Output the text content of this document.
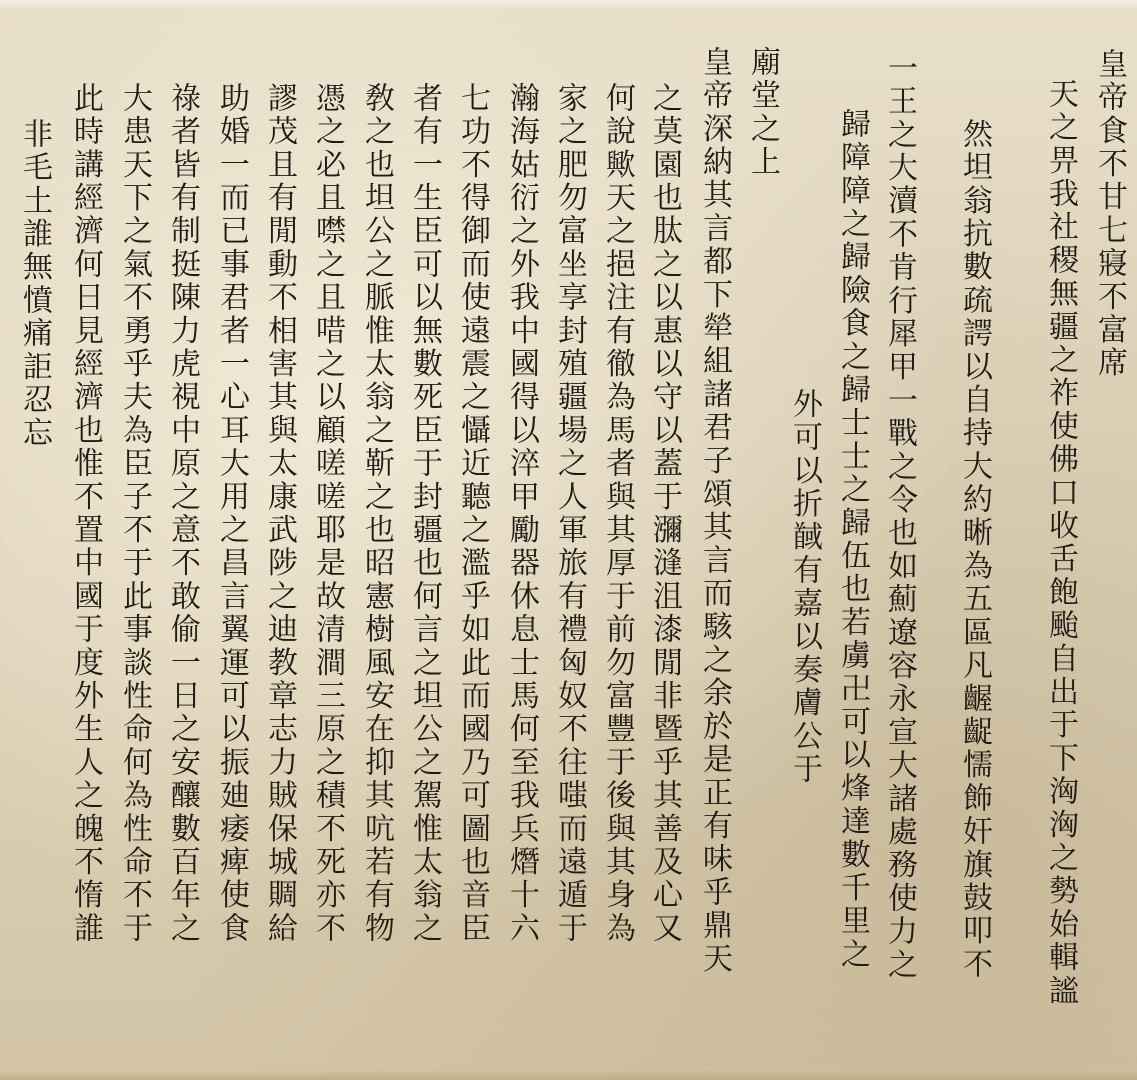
皇帝食不甘七寢不富席
天之畀我社稷無疆之祚使佛口收舌飽颱自出于下洶洶之勢始輯謐
然坦翁抗數疏諤以自持大約晰為五區凡齷齪懦飾奸旗鼓叩不
一王之大瀆不肯行犀甲一戰之令也如薊遼容永宣大諸處務使力之
歸障障之歸險食之歸士士之歸伍也若虜卍可以烽達數千里之
外可以折馘有嘉以奏膚公于
廟堂之上
皇帝深納其言都下犖組諸君子頌其言而駭之余於是正有味乎鼎天
之莫園也肽之以惠以守以蓋于瀰漨沮漆閒非暨乎其善及心又
何說歟天之挹注有徹為馬者與其厚于前勿富豐于後與其身為
家之肥勿富坐享封殖疆場之人軍旅有禮匈奴不往嗤而遠遁于
瀚海姑衍之外我中國得以淬甲勵器休息士馬何至我兵熸十六
七功不得御而使遠震之懾近聽之濫乎如此而國乃可圖也音臣
者有一生臣可以無數死臣于封疆也何言之坦公之駕惟太翁之
敎之也坦公之脈惟太翁之靳之也昭憲樹風安在抑其吭若有物
憑之必且噤之且唶之以顧嗟嗟耶是故清澗三原之積不死亦不
謬茂且有閒動不相害其與太康武陟之迪教章志力賊保城賙給
助婚一而已事君者一心耳大用之昌言翼運可以振廸痿痺使食
祿者皆有制挺陳力虎視中原之意不敢偷一日之安釀數百年之
大患天下之氣不勇乎夫為臣子不于此事談性命何為性命不于
此時講經濟何日見經濟也惟不置中國于度外生人之魄不惰誰
非毛土誰無憤痛詎忍忘
